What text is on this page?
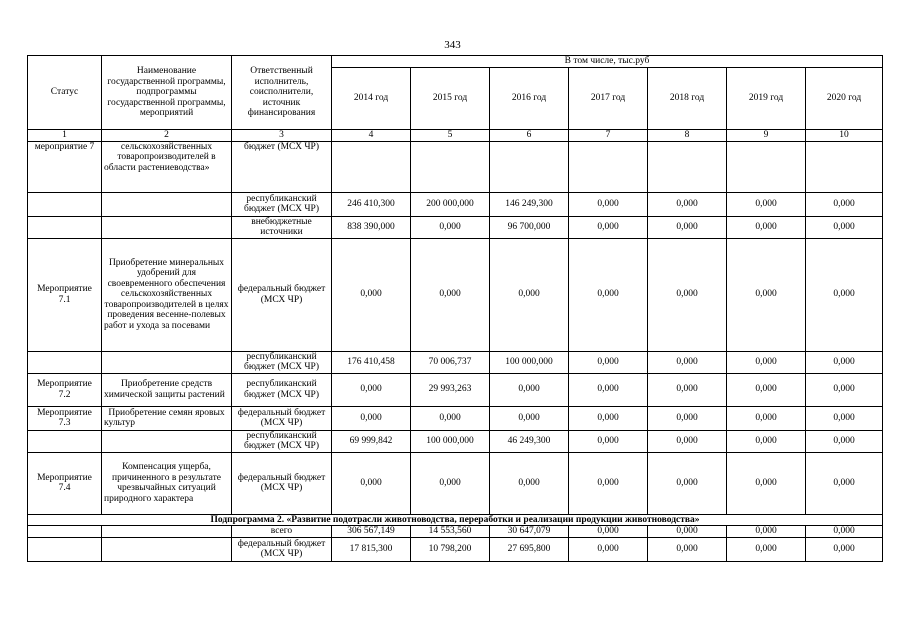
343
Статус	Наименование государственной программы, подпрограммы государственной программы, мероприятий	Ответственный исполнитель, соисполнители, источник финансирования	В том числе, тыс.руб						
			2014 год	2015 год	2016 год	2017 год	2018 год	2019 год	2020 год
1	2	3	4	5	6	7	8	9	10
мероприятие 7	сельскохозяйственных товаропроизводителей в области растениеводства»	бюджет (МСХ ЧР)							
		республиканский бюджет (МСХ ЧР)	246 410,300	200 000,000	146 249,300	0,000	0,000	0,000	0,000
		внебюджетные источники	838 390,000	0,000	96 700,000	0,000	0,000	0,000	0,000
Мероприятие 7.1	Приобретение минеральных удобрений для своевременного обеспечения сельскохозяйственных товаропроизводителей в целях проведения весенне-полевых работ и ухода за посевами	федеральный бюджет (МСХ ЧР)	0,000	0,000	0,000	0,000	0,000	0,000	0,000
		республиканский бюджет (МСХ ЧР)	176 410,458	70 006,737	100 000,000	0,000	0,000	0,000	0,000
Мероприятие 7.2	Приобретение средств химической защиты растений	республиканский бюджет (МСХ ЧР)	0,000	29 993,263	0,000	0,000	0,000	0,000	0,000
Мероприятие 7.3	Приобретение семян яровых культур	федеральный бюджет (МСХ ЧР)	0,000	0,000	0,000	0,000	0,000	0,000	0,000
		республиканский бюджет (МСХ ЧР)	69 999,842	100 000,000	46 249,300	0,000	0,000	0,000	0,000
Мероприятие 7.4	Компенсация ущерба, причиненного в результате чрезвычайных ситуаций природного характера	федеральный бюджет (МСХ ЧР)	0,000	0,000	0,000	0,000	0,000	0,000	0,000
Подпрограмма 2. «Развитие подотрасли животноводства, переработки и реализации продукции животноводства»									
		всего	306 567,149	14 553,560	30 647,079	0,000	0,000	0,000	0,000
		федеральный бюджет (МСХ ЧР)	17 815,300	10 798,200	27 695,800	0,000	0,000	0,000	0,000
